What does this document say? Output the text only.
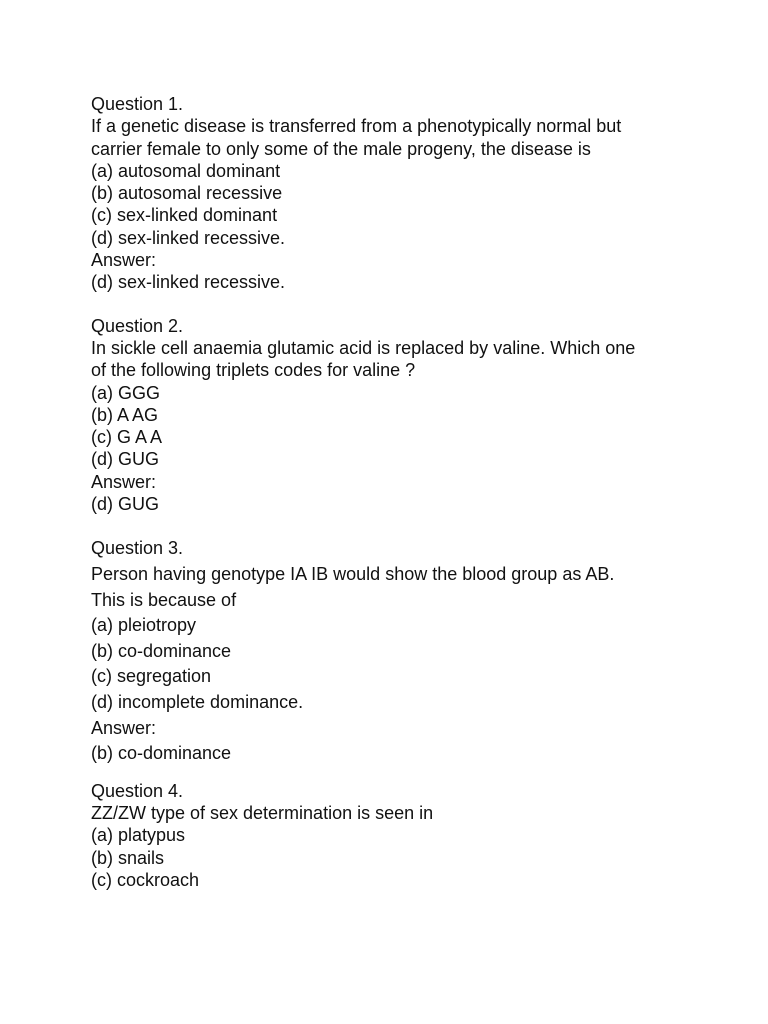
Question 1.
If a genetic disease is transferred from a phenotypically normal but
carrier female to only some of the male progeny, the disease is
(a) autosomal dominant
(b) autosomal recessive
(c) sex-linked dominant
(d) sex-linked recessive.
Answer:
(d) sex-linked recessive.
Question 2.
In sickle cell anaemia glutamic acid is replaced by valine. Which one
of the following triplets codes for valine ?
(a) GGG
(b) A AG
(c) G A A
(d) GUG
Answer:
(d) GUG
Question 3.
Person having genotype IA IB would show the blood group as AB.
This is because of
(a) pleiotropy
(b) co-dominance
(c) segregation
(d) incomplete dominance.
Answer:
(b) co-dominance
Question 4.
ZZ/ZW type of sex determination is seen in
(a) platypus
(b) snails
(c) cockroach
